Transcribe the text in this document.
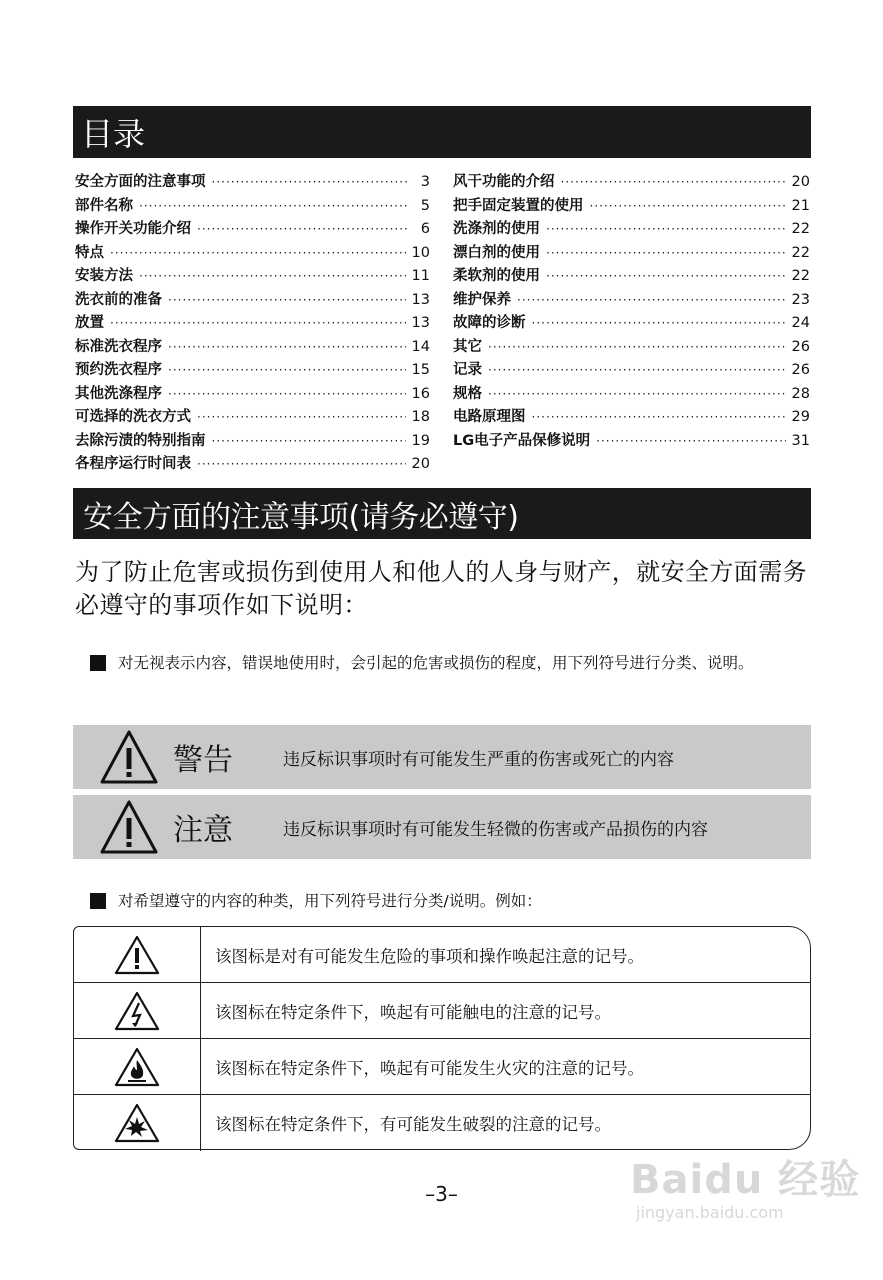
目录
安全方面的注意事项 ·····	3
部件名称 ·····	5
操作开关功能介绍 ·····	6
特点 ·····	10
安装方法 ·····	11
洗衣前的准备 ·····	13
放置 ·····	13
标准洗衣程序 ·····	14
预约洗衣程序 ·····	15
其他洗涤程序 ·····	16
可选择的洗衣方式 ·····	18
去除污渍的特别指南 ·····	19
各程序运行时间表 ·····	20
风干功能的介绍 ·····	20
把手固定装置的使用 ·····	21
洗涤剂的使用 ·····	22
漂白剂的使用 ·····	22
柔软剂的使用 ·····	22
维护保养 ·····	23
故障的诊断 ·····	24
其它 ·····	26
记录 ·····	26
规格 ·····	28
电路原理图 ·····	29
LG电子产品保修说明 ·····	31
安全方面的注意事项(请务必遵守)
为了防止危害或损伤到使用人和他人的人身与财产，就安全方面需务必遵守的事项作如下说明：
对无视表示内容，错误地使用时，会引起的危害或损伤的程度，用下列符号进行分类、说明。
警告	违反标识事项时有可能发生严重的伤害或死亡的内容
注意	违反标识事项时有可能发生轻微的伤害或产品损伤的内容
对希望遵守的内容的种类，用下列符号进行分类/说明。例如：
该图标是对有可能发生危险的事项和操作唤起注意的记号。
该图标在特定条件下，唤起有可能触电的注意的记号。
该图标在特定条件下，唤起有可能发生火灾的注意的记号。
该图标在特定条件下，有可能发生破裂的注意的记号。
–3–	Baidu 经验
jingyan.baidu.com
